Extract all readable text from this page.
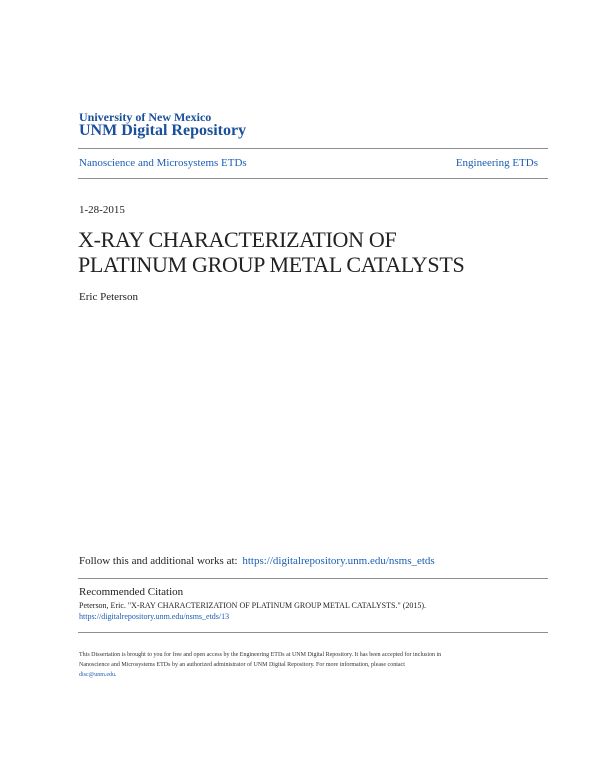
University of New Mexico
UNM Digital Repository
Nanoscience and Microsystems ETDs	Engineering ETDs
1-28-2015
X-RAY CHARACTERIZATION OF
PLATINUM GROUP METAL CATALYSTS
Eric Peterson
Follow this and additional works at: https://digitalrepository.unm.edu/nsms_etds
Recommended Citation
Peterson, Eric. "X-RAY CHARACTERIZATION OF PLATINUM GROUP METAL CATALYSTS." (2015).
https://digitalrepository.unm.edu/nsms_etds/13
This Dissertation is brought to you for free and open access by the Engineering ETDs at UNM Digital Repository. It has been accepted for inclusion in
Nanoscience and Microsystems ETDs by an authorized administrator of UNM Digital Repository. For more information, please contact
disc@unm.edu.
